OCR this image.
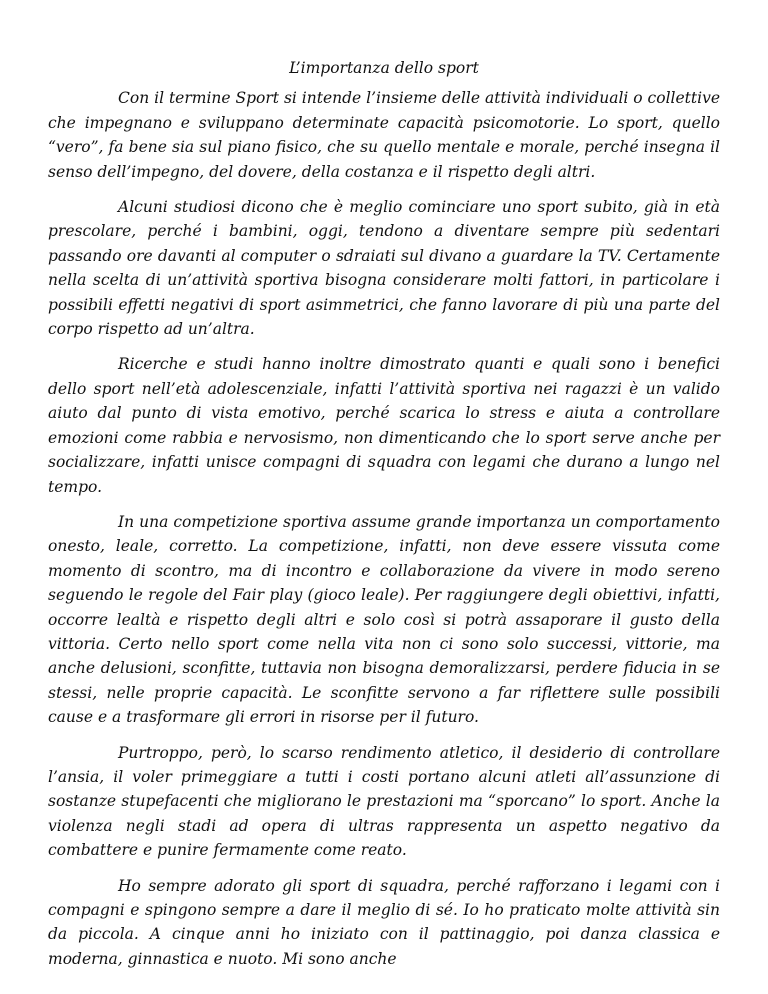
L’importanza dello sport

Con il termine Sport si intende l’insieme delle attività individuali o collettive che impegnano e sviluppano determinate capacità psicomotorie. Lo sport, quello “vero”, fa bene sia sul piano fisico, che su quello mentale e morale, perché insegna il senso dell’impegno, del dovere, della costanza e il rispetto degli altri.

Alcuni studiosi dicono che è meglio cominciare uno sport subito, già in età prescolare, perché i bambini, oggi, tendono a diventare sempre più sedentari passando ore davanti al computer o sdraiati sul divano a guardare la TV. Certamente nella scelta di un’attività sportiva bisogna considerare molti fattori, in particolare i possibili effetti negativi di sport asimmetrici, che fanno lavorare di più una parte del corpo rispetto ad un’altra.

Ricerche e studi hanno inoltre dimostrato quanti e quali sono i benefici dello sport nell’età adolescenziale, infatti l’attività sportiva nei ragazzi è un valido aiuto dal punto di vista emotivo, perché scarica lo stress e aiuta a controllare emozioni come rabbia e nervosismo, non dimenticando che lo sport serve anche per socializzare, infatti unisce compagni di squadra con legami che durano a lungo nel tempo.

In una competizione sportiva assume grande importanza un comportamento onesto, leale, corretto. La competizione, infatti, non deve essere vissuta come momento di scontro, ma di incontro e collaborazione da vivere in modo sereno seguendo le regole del Fair play (gioco leale). Per raggiungere degli obiettivi, infatti, occorre lealtà e rispetto degli altri e solo così si potrà assaporare il gusto della vittoria. Certo nello sport come nella vita non ci sono solo successi, vittorie, ma anche delusioni, sconfitte, tuttavia non bisogna demoralizzarsi, perdere fiducia in se stessi, nelle proprie capacità. Le sconfitte servono a far riflettere sulle possibili cause e a trasformare gli errori in risorse per il futuro.

Purtroppo, però, lo scarso rendimento atletico, il desiderio di controllare l’ansia, il voler primeggiare a tutti i costi portano alcuni atleti all’assunzione di sostanze stupefacenti che migliorano le prestazioni ma “sporcano” lo sport. Anche la violenza negli stadi ad opera di ultras rappresenta un aspetto negativo da combattere e punire fermamente come reato.

Ho sempre adorato gli sport di squadra, perché rafforzano i legami con i compagni e spingono sempre a dare il meglio di sé. Io ho praticato molte attività sin da piccola. A cinque anni ho iniziato con il pattinaggio, poi danza classica e moderna, ginnastica e nuoto. Mi sono anche
